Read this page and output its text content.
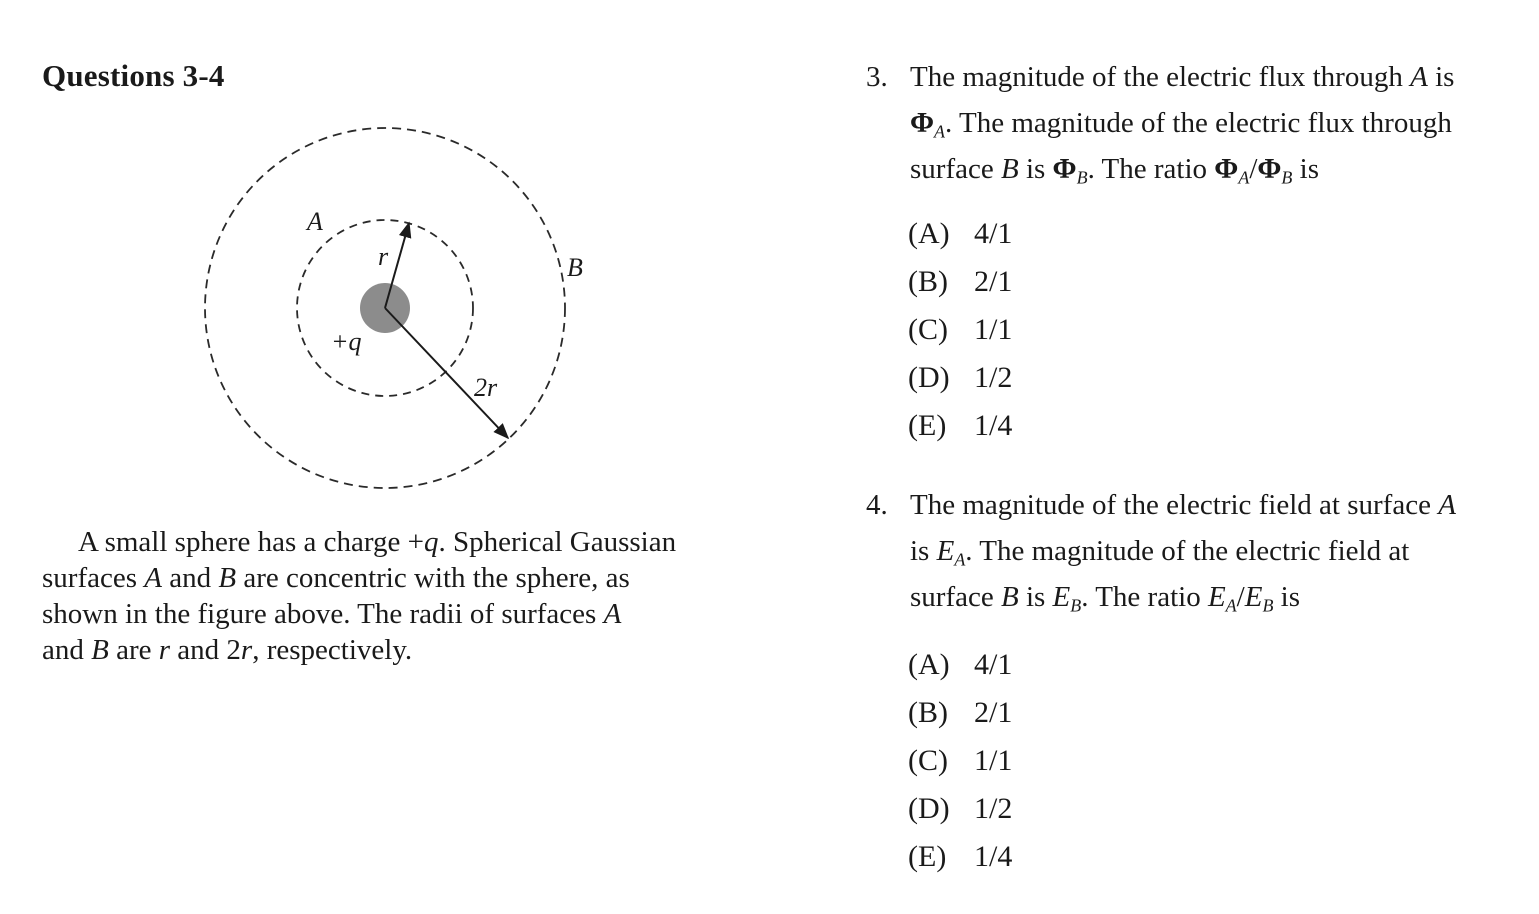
Questions 3-4
A
B
r
2r
+q
A small sphere has a charge +q. Spherical Gaussian
surfaces A and B are concentric with the sphere, as
shown in the figure above. The radii of surfaces A
and B are r and 2r, respectively.
3. The magnitude of the electric flux through A is
$\Phi_A$. The magnitude of the electric flux through
surface B is $\Phi_B$. The ratio $\Phi_A/\Phi_B$ is
(A) 4/1
(B) 2/1
(C) 1/1
(D) 1/2
(E) 1/4
4. The magnitude of the electric field at surface A
is $E_A$. The magnitude of the electric field at
surface B is $E_B$. The ratio $E_A/E_B$ is
(A) 4/1
(B) 2/1
(C) 1/1
(D) 1/2
(E) 1/4
